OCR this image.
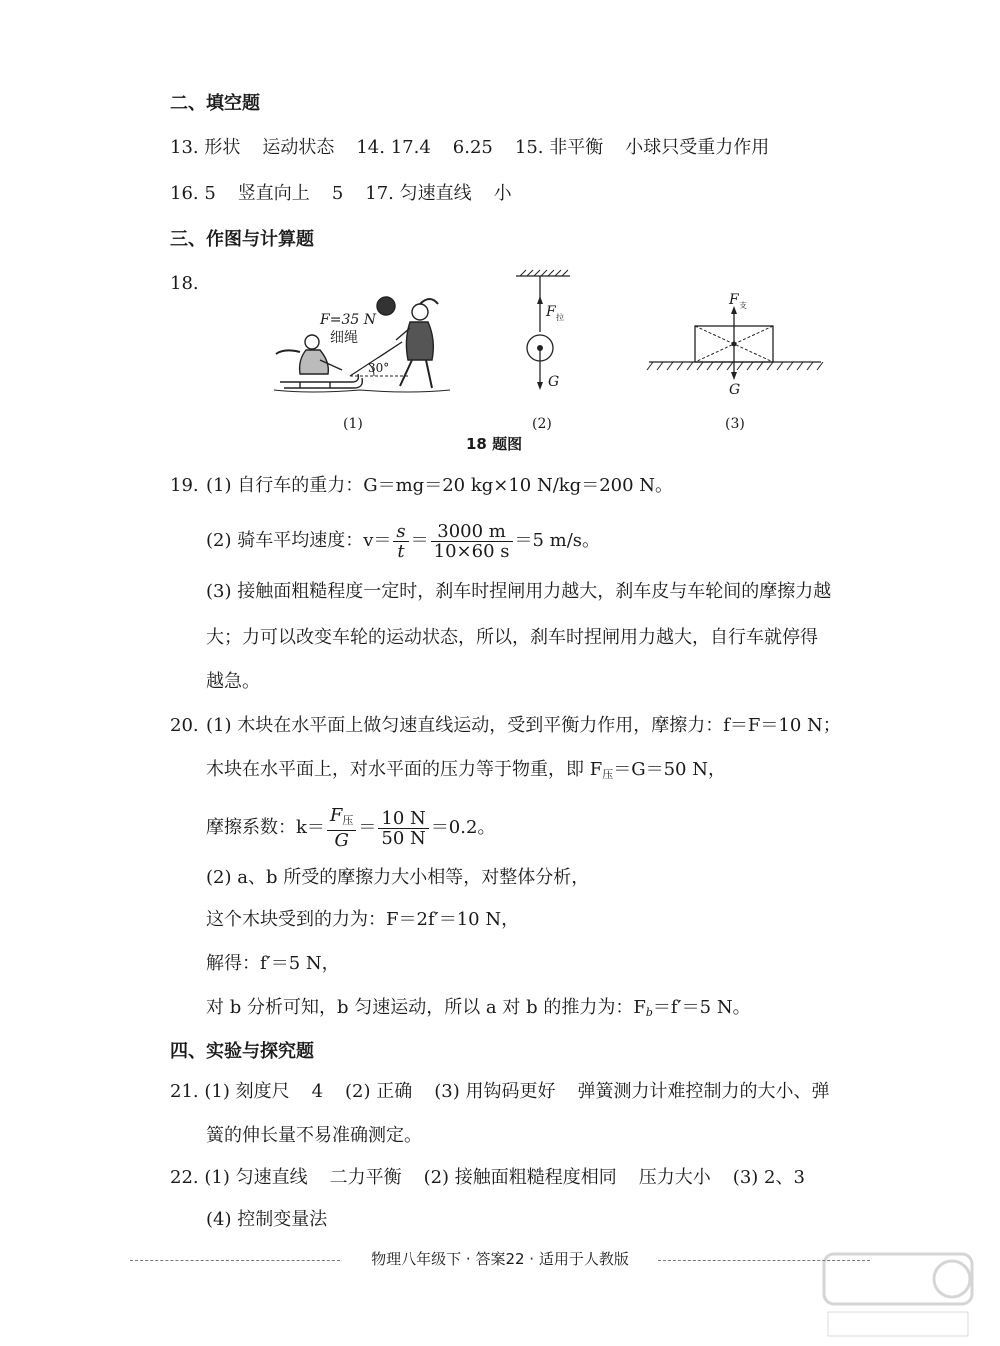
二、填空题
13. 形状 运动状态 14. 17.4 6.25 15. 非平衡 小球只受重力作用
16. 5 竖直向上 5 17. 匀速直线 小
三、作图与计算题
18.
F=35 N
细绳
30°
F 拉
G
F 支
G
(1)	(2)	(3)
18 题图
19. (1) 自行车的重力：G＝mg＝20 kg×10 N/kg＝200 N。
(2) 骑车平均速度：$v= \frac{s}{t} = \frac{3000 m}{10\times 60 s} =5$ m/s。
(3) 接触面粗糙程度一定时，刹车时捏闸用力越大，刹车皮与车轮间的摩擦力越
大；力可以改变车轮的运动状态，所以，刹车时捏闸用力越大，自行车就停得
越急。
20. (1) 木块在水平面上做匀速直线运动，受到平衡力作用，摩擦力：f＝F＝10 N；
木块在水平面上，对水平面的压力等于物重，即 $F_压=G=50$ N，
摩擦系数：k＝
$F_压$
G
＝ $\frac{10 N}{50 N} =0.2$。
(2) a、b 所受的摩擦力大小相等，对整体分析，
这个木块受到的力为：F＝2f′＝10 N，
解得：f′＝5 N，
对 b 分析可知，b 匀速运动，所以 a 对 b 的推力为：$F_b=f'=5$ N。
四、实验与探究题
21. (1) 刻度尺 4 (2) 正确 (3) 用钩码更好 弹簧测力计难控制力的大小、弹
簧的伸长量不易准确测定。
22. (1) 匀速直线 二力平衡 (2) 接触面粗糙程度相同 压力大小 (3) 2、3
(4) 控制变量法
物理八年级下 · 答案22 · 适用于人教版
